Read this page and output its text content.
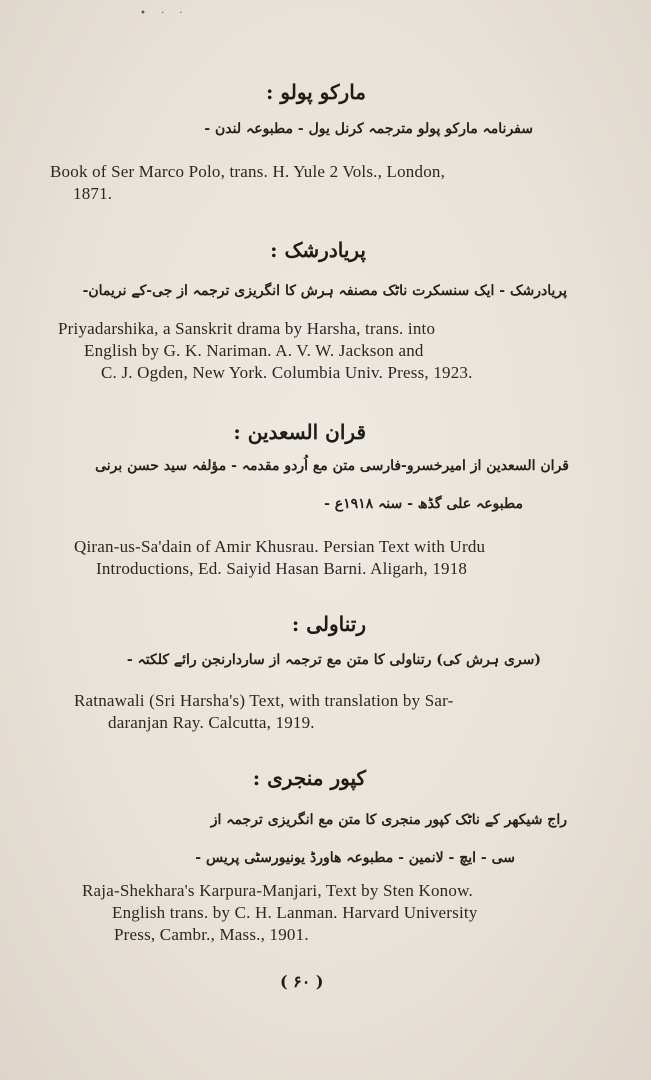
• · ·
مارکو پولو :
سفرنامہ مارکو پولو مترجمہ کرنل یول - مطبوعہ لندن -
Book of Ser Marco Polo, trans. H. Yule 2 Vols., London,
1871.
پریادرشک :
پریادرشک - ایک سنسکرت ناٹک مصنفہ ہرش کا انگریزی ترجمہ از جی-کے نریمان-
Priyadarshika, a Sanskrit drama by Harsha, trans. into
English by G. K. Nariman. A. V. W. Jackson and
C. J. Ogden, New York. Columbia Univ. Press, 1923.
قران السعدین :
قران السعدین از امیرخسرو-فارسی متن مع اُردو مقدمہ - مؤلفہ سید حسن برنی
مطبوعہ علی گڈھ - سنہ ۱۹۱۸ع -
Qiran-us-Sa'dain of Amir Khusrau. Persian Text with Urdu
Introductions, Ed. Saiyid Hasan Barni. Aligarh, 1918
رتناولی :
(سری ہرش کی) رتناولی کا متن مع ترجمہ از ساردارنجن رائے کلکتہ -
Ratnawali (Sri Harsha's) Text, with translation by Sar-
daranjan Ray. Calcutta, 1919.
کپور منجری :
راج شیکھر کے ناٹک کپور منجری کا متن مع انگریزی ترجمہ از
سی - ایچ - لانمین - مطبوعہ هاورڈ یونیورسٹی پریس -
Raja-Shekhara's Karpura-Manjari, Text by Sten Konow.
English trans. by C. H. Lanman. Harvard University
Press, Cambr., Mass., 1901.
( ۶۰ )
